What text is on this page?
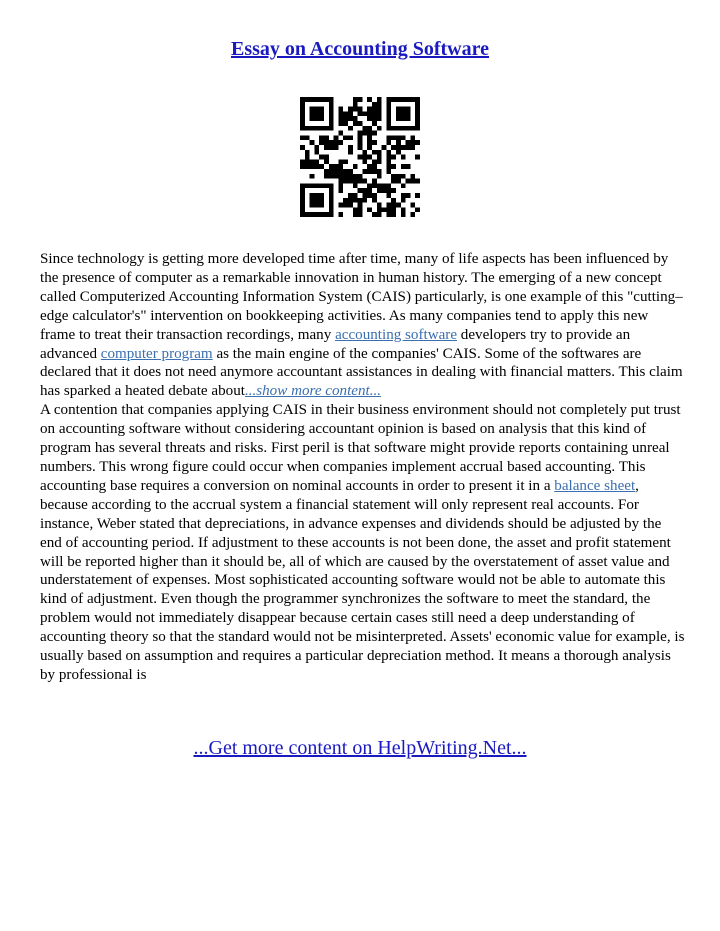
Essay on Accounting Software

Since technology is getting more developed time after time, many of life aspects has been influenced by the presence of computer as a remarkable innovation in human history. The emerging of a new concept called Computerized Accounting Information System (CAIS) particularly, is one example of this "cutting–edge calculator's" intervention on bookkeeping activities. As many companies tend to apply this new frame to treat their transaction recordings, many accounting software developers try to provide an advanced computer program as the main engine of the companies' CAIS. Some of the softwares are declared that it does not need anymore accountant assistances in dealing with financial matters. This claim has sparked a heated debate about...show more content...

A contention that companies applying CAIS in their business environment should not completely put trust on accounting software without considering accountant opinion is based on analysis that this kind of program has several threats and risks. First peril is that software might provide reports containing unreal numbers. This wrong figure could occur when companies implement accrual based accounting. This accounting base requires a conversion on nominal accounts in order to present it in a balance sheet, because according to the accrual system a financial statement will only represent real accounts. For instance, Weber stated that depreciations, in advance expenses and dividends should be adjusted by the end of accounting period. If adjustment to these accounts is not been done, the asset and profit statement will be reported higher than it should be, all of which are caused by the overstatement of asset value and understatement of expenses. Most sophisticated accounting software would not be able to automate this kind of adjustment. Even though the programmer synchronizes the software to meet the standard, the problem would not immediately disappear because certain cases still need a deep understanding of accounting theory so that the standard would not be misinterpreted. Assets' economic value for example, is usually based on assumption and requires a particular depreciation method. It means a thorough analysis by professional is

...Get more content on HelpWriting.Net...
